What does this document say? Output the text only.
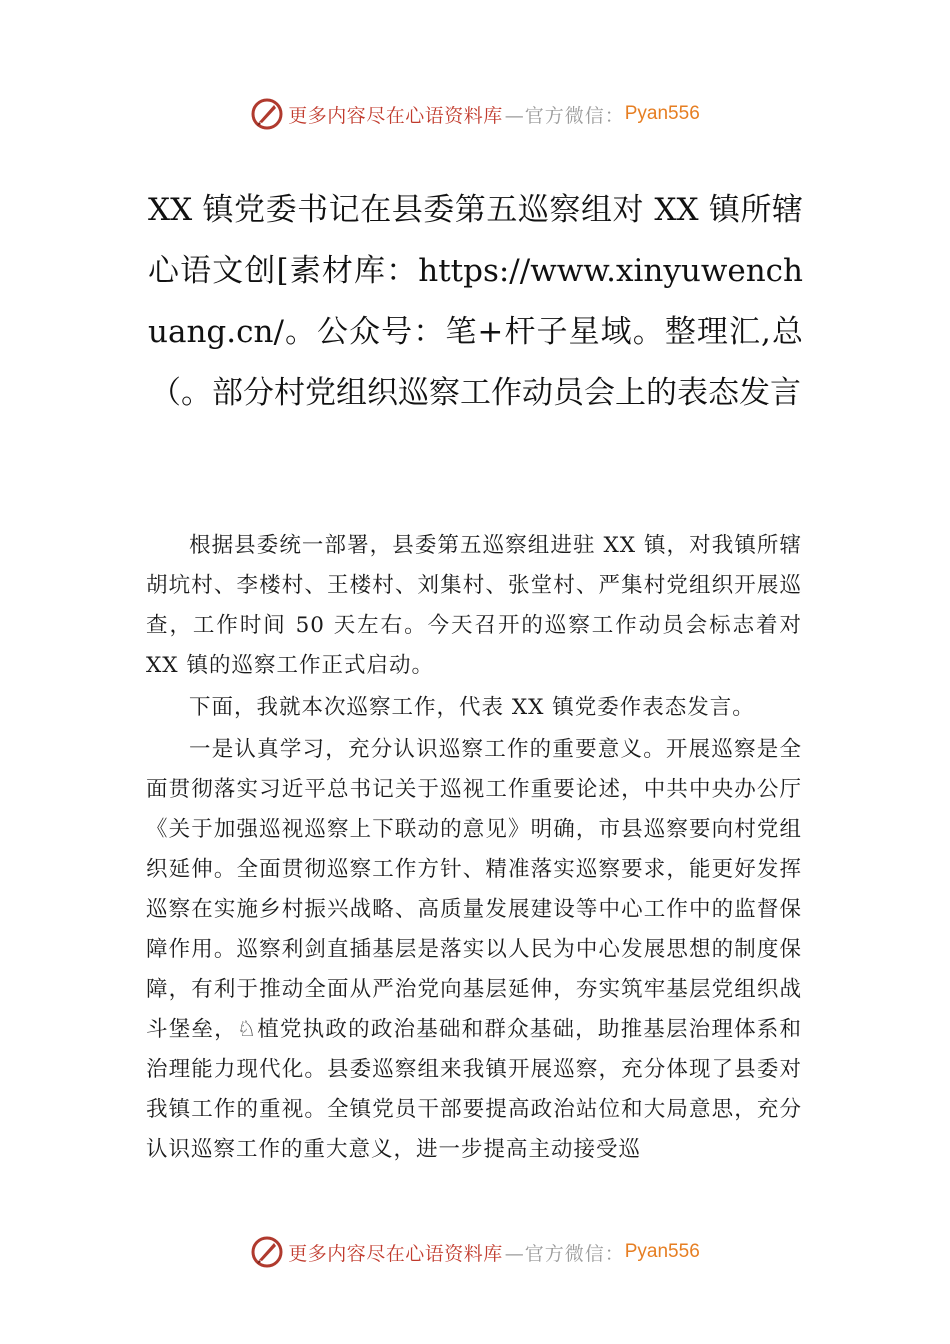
更多内容尽在心语资料库 —官方微信： Pyan556
XX 镇党委书记在县委第五巡察组对 XX 镇所辖心语文创[素材库：https://www.xinyuwenchuang.cn/。公众号：笔+杆子星域。整理汇,总（。部分村党组织巡察工作动员会上的表态发言

根据县委统一部署，县委第五巡察组进驻 XX 镇，对我镇所辖胡坑村、李楼村、王楼村、刘集村、张堂村、严集村党组织开展巡查，工作时间 50 天左右。今天召开的巡察工作动员会标志着对 XX 镇的巡察工作正式启动。

下面，我就本次巡察工作，代表 XX 镇党委作表态发言。

一是认真学习，充分认识巡察工作的重要意义。开展巡察是全面贯彻落实习近平总书记关于巡视工作重要论述，中共中央办公厅《关于加强巡视巡察上下联动的意见》明确，市县巡察要向村党组织延伸。全面贯彻巡察工作方针、精准落实巡察要求，能更好发挥巡察在实施乡村振兴战略、高质量发展建设等中心工作中的监督保障作用。巡察利剑直插基层是落实以人民为中心发展思想的制度保障，有利于推动全面从严治党向基层延伸，夯实筑牢基层党组织战斗堡垒，♘植党执政的政治基础和群众基础，助推基层治理体系和治理能力现代化。县委巡察组来我镇开展巡察，充分体现了县委对我镇工作的重视。全镇党员干部要提高政治站位和大局意思，充分认识巡察工作的重大意义，进一步提高主动接受巡

更多内容尽在心语资料库 —官方微信： Pyan556
